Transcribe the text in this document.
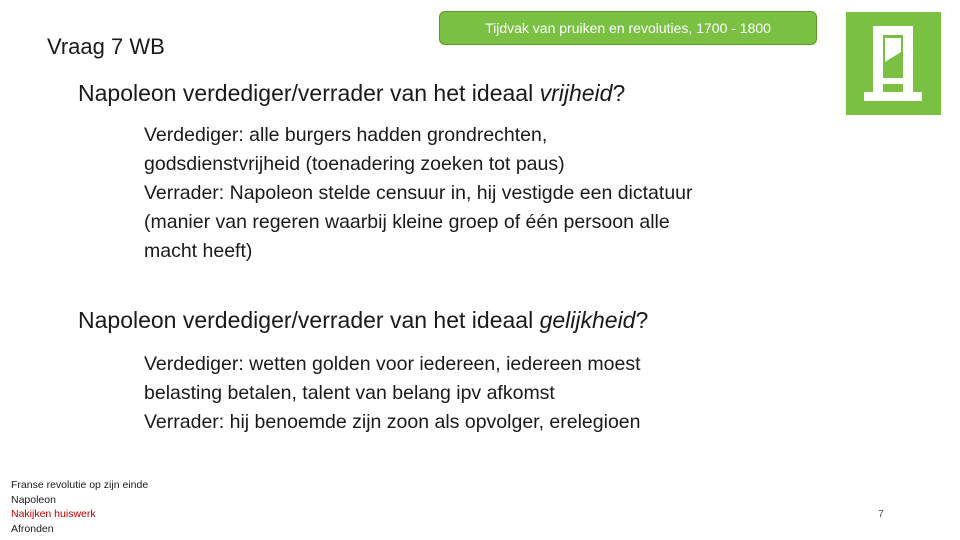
Vraag 7 WB
Tijdvak van pruiken en revoluties, 1700 - 1800
Napoleon verdediger/verrader van het ideaal vrijheid?
Verdediger: alle burgers hadden grondrechten,
godsdienstvrijheid (toenadering zoeken tot paus)
Verrader: Napoleon stelde censuur in, hij vestigde een dictatuur
(manier van regeren waarbij kleine groep of één persoon alle
macht heeft)
Napoleon verdediger/verrader van het ideaal gelijkheid?
Verdediger: wetten golden voor iedereen, iedereen moest
belasting betalen, talent van belang ipv afkomst
Verrader: hij benoemde zijn zoon als opvolger, erelegioen
Franse revolutie op zijn einde
Napoleon
Nakijken huiswerk
Afronden
7
